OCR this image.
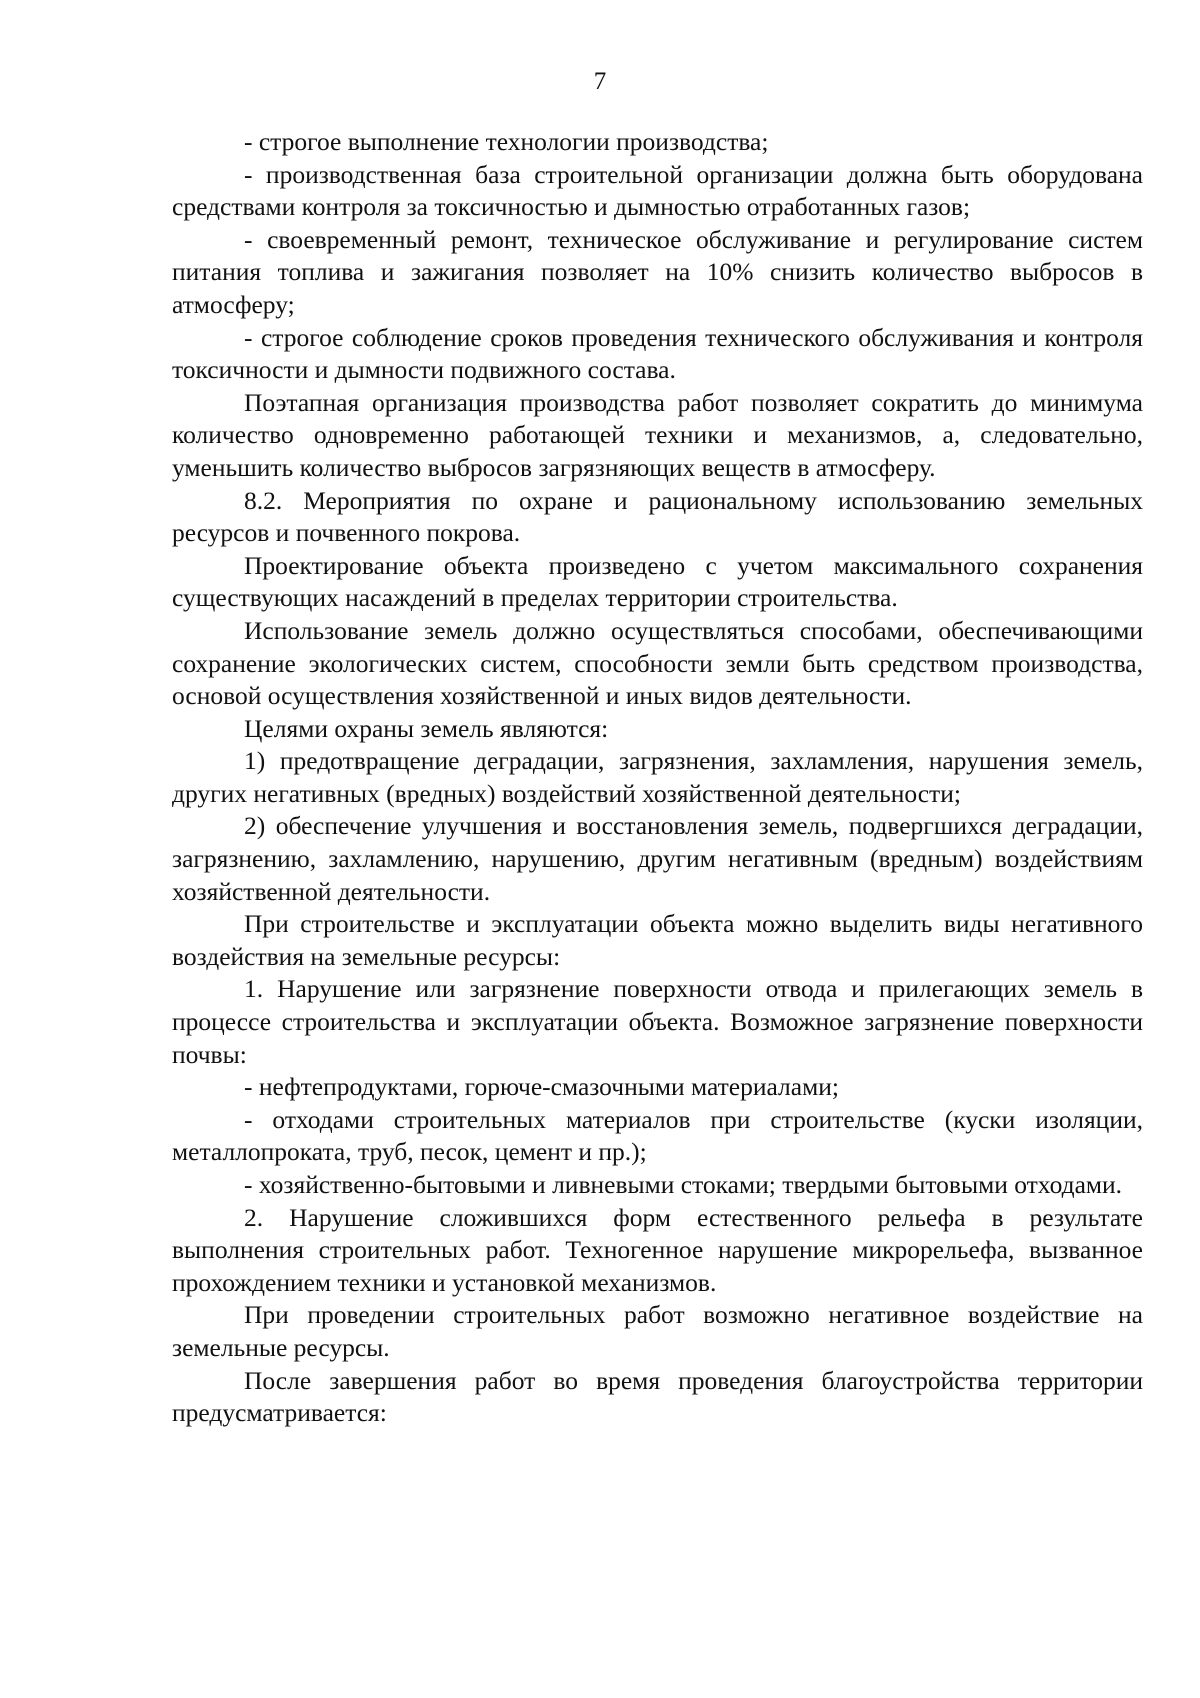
7

- строгое выполнение технологии производства;

- производственная база строительной организации должна быть оборудована средствами контроля за токсичностью и дымностью отработанных газов;

- своевременный ремонт, техническое обслуживание и регулирование систем питания топлива и зажигания позволяет на 10% снизить количество выбросов в атмосферу;

- строгое соблюдение сроков проведения технического обслуживания и контроля токсичности и дымности подвижного состава.

Поэтапная организация производства работ позволяет сократить до минимума количество одновременно работающей техники и механизмов, а, следовательно, уменьшить количество выбросов загрязняющих веществ в атмосферу.

8.2. Мероприятия по охране и рациональному использованию земельных ресурсов и почвенного покрова.

Проектирование объекта произведено с учетом максимального сохранения существующих насаждений в пределах территории строительства.

Использование земель должно осуществляться способами, обеспечивающими сохранение экологических систем, способности земли быть средством производства, основой осуществления хозяйственной и иных видов деятельности.

Целями охраны земель являются:

1) предотвращение деградации, загрязнения, захламления, нарушения земель, других негативных (вредных) воздействий хозяйственной деятельности;

2) обеспечение улучшения и восстановления земель, подвергшихся деградации, загрязнению, захламлению, нарушению, другим негативным (вредным) воздействиям хозяйственной деятельности.

При строительстве и эксплуатации объекта можно выделить виды негативного воздействия на земельные ресурсы:

1. Нарушение или загрязнение поверхности отвода и прилегающих земель в процессе строительства и эксплуатации объекта. Возможное загрязнение поверхности почвы:

- нефтепродуктами, горюче-смазочными материалами;

- отходами строительных материалов при строительстве (куски изоляции, металлопроката, труб, песок, цемент и пр.);

- хозяйственно-бытовыми и ливневыми стоками; твердыми бытовыми отходами.

2. Нарушение сложившихся форм естественного рельефа в результате выполнения строительных работ. Техногенное нарушение микрорельефа, вызванное прохождением техники и установкой механизмов.

При проведении строительных работ возможно негативное воздействие на земельные ресурсы.

После завершения работ во время проведения благоустройства территории предусматривается:
